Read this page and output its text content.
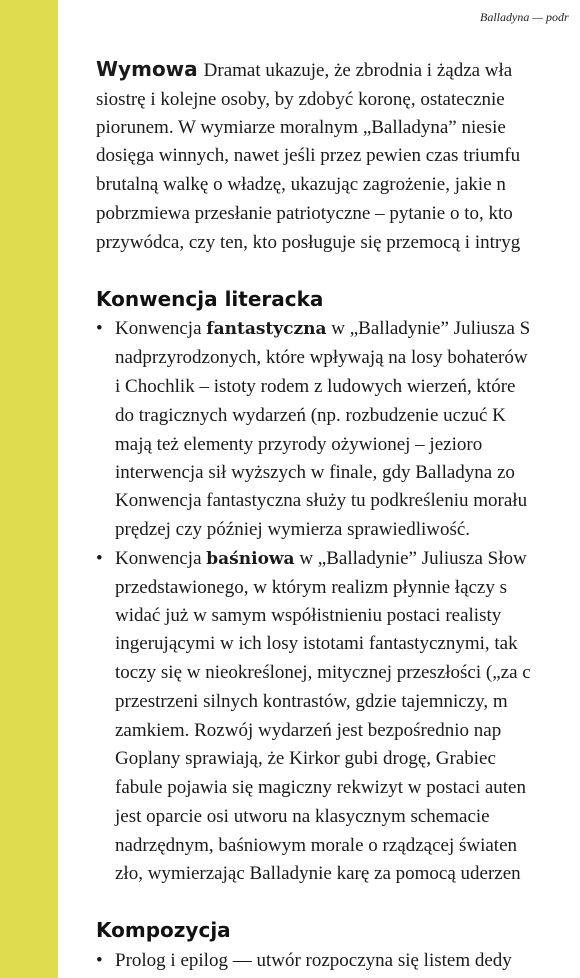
Balladyna — podr
Wymowa Dramat ukazuje, że zbrodnia i żądza wła
siostrę i kolejne osoby, by zdobyć koronę, ostatecznie
piorunem. W wymiarze moralnym „Balladyna” niesie
dosięga winnych, nawet jeśli przez pewien czas triumfu
brutalną walkę o władzę, ukazując zagrożenie, jakie n
pobrzmiewa przesłanie patriotyczne – pytanie o to, kto
przywódca, czy ten, kto posługuje się przemocą i intryg
Konwencja literacka
• Konwencja fantastyczna w „Balladynie” Juliusza S
nadprzyrodzonych, które wpływają na losy bohaterów
i Chochlik – istoty rodem z ludowych wierzeń, które
do tragicznych wydarzeń (np. rozbudzenie uczuć K
mają też elementy przyrody ożywionej – jezioro
interwencja sił wyższych w finale, gdy Balladyna zo
Konwencja fantastyczna służy tu podkreśleniu morału
prędzej czy później wymierza sprawiedliwość.
• Konwencja baśniowa w „Balladynie” Juliusza Słow
przedstawionego, w którym realizm płynnie łączy s
widać już w samym współistnieniu postaci realisty
ingerującymi w ich losy istotami fantastycznymi, tak
toczy się w nieokreślonej, mitycznej przeszłości („za c
przestrzeni silnych kontrastów, gdzie tajemniczy, m
zamkiem. Rozwój wydarzeń jest bezpośrednio nap
Goplany sprawiają, że Kirkor gubi drogę, Grabiec
fabule pojawia się magiczny rekwizyt w postaci auten
jest oparcie osi utworu na klasycznym schemacie
nadrzędnym, baśniowym morale o rządzącej światen
zło, wymierzając Balladynie karę za pomocą uderzen
Kompozycja
• Prolog i epilog — utwór rozpoczyna się listem dedy
